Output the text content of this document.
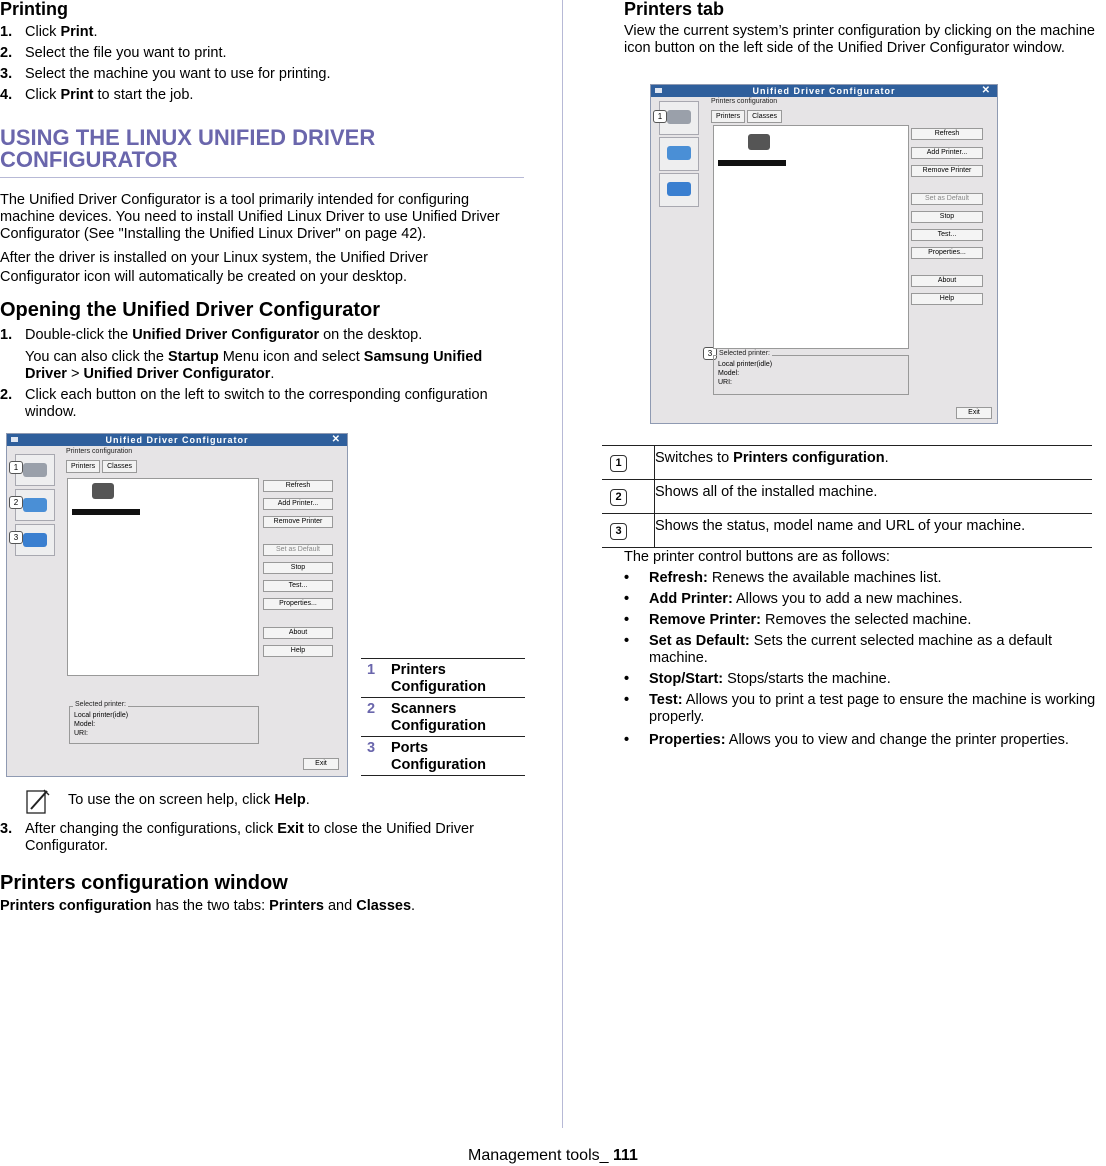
Printing
1. Click Print.
2. Select the file you want to print.
3. Select the machine you want to use for printing.
4. Click Print to start the job.
USING THE LINUX UNIFIED DRIVER CONFIGURATOR
The Unified Driver Configurator is a tool primarily intended for configuring machine devices. You need to install Unified Linux Driver to use Unified Driver Configurator (See "Installing the Unified Linux Driver" on page 42).
After the driver is installed on your Linux system, the Unified Driver Configurator icon will automatically be created on your desktop.
Opening the Unified Driver Configurator
1. Double-click the Unified Driver Configurator on the desktop.
You can also click the Startup Menu icon and select Samsung Unified Driver > Unified Driver Configurator.
2. Click each button on the left to switch to the corresponding configuration window.
Unified Driver Configurator	✕
1
2
3
Printers configuration
Printers Classes
Refresh
Add Printer...
Remove Printer
Set as Default
Stop
Test...
Properties...
About
Help
Local printer(idle)
Model:
URI:
Selected printer:
Exit
1	Printers Configuration
2	Scanners Configuration
3	Ports Configuration
To use the on screen help, click Help.
3. After changing the configurations, click Exit to close the Unified Driver Configurator.
Printers configuration window
Printers configuration has the two tabs: Printers and Classes.
Printers tab
View the current system’s printer configuration by clicking on the machine icon button on the left side of the Unified Driver Configurator window.
Unified Driver Configurator	✕
1
3
Printers configuration
Printers Classes
Refresh
Add Printer...
Remove Printer
Set as Default
Stop
Test...
Properties...
About
Help
Local printer(idle)
Model:
URI:
Selected printer:
Exit
1	Switches to Printers configuration.
2	Shows all of the installed machine.
3	Shows the status, model name and URL of your machine.
The printer control buttons are as follows:
• Refresh: Renews the available machines list.
• Add Printer: Allows you to add a new machines.
• Remove Printer: Removes the selected machine.
• Set as Default: Sets the current selected machine as a default machine.
• Stop/Start: Stops/starts the machine.
• Test: Allows you to print a test page to ensure the machine is working properly.
• Properties: Allows you to view and change the printer properties.
Management tools_ 111
